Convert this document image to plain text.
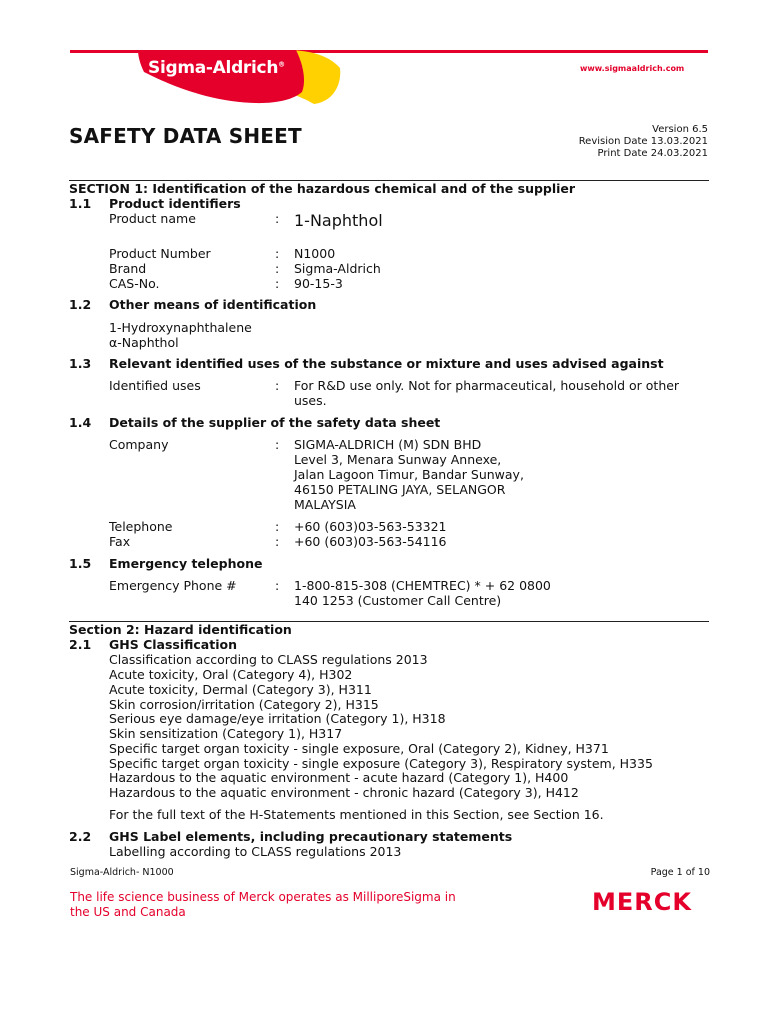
Sigma-Aldrich®	www.sigmaaldrich.com
SAFETY DATA SHEET	Version 6.5
Revision Date 13.03.2021
Print Date 24.03.2021
SECTION 1: Identification of the hazardous chemical and of the supplier
1.1 Product identifiers
Product name	: 1-Naphthol
Product Number	: N1000
Brand	: Sigma-Aldrich
CAS-No.	: 90-15-3
1.2 Other means of identification
1-Hydroxynaphthalene
α-Naphthol
1.3 Relevant identified uses of the substance or mixture and uses advised against
Identified uses	: For R&D use only. Not for pharmaceutical, household or other
uses.
1.4 Details of the supplier of the safety data sheet
Company	: SIGMA-ALDRICH (M) SDN BHD
Level 3, Menara Sunway Annexe,
Jalan Lagoon Timur, Bandar Sunway,
46150 PETALING JAYA, SELANGOR
MALAYSIA
Telephone	: +60 (603)03-563-53321
Fax	: +60 (603)03-563-54116
1.5 Emergency telephone
Emergency Phone #	: 1-800-815-308 (CHEMTREC) * + 62 0800
140 1253 (Customer Call Centre)
Section 2: Hazard identification
2.1 GHS Classification
Classification according to CLASS regulations 2013
Acute toxicity, Oral (Category 4), H302
Acute toxicity, Dermal (Category 3), H311
Skin corrosion/irritation (Category 2), H315
Serious eye damage/eye irritation (Category 1), H318
Skin sensitization (Category 1), H317
Specific target organ toxicity - single exposure, Oral (Category 2), Kidney, H371
Specific target organ toxicity - single exposure (Category 3), Respiratory system, H335
Hazardous to the aquatic environment - acute hazard (Category 1), H400
Hazardous to the aquatic environment - chronic hazard (Category 3), H412
For the full text of the H-Statements mentioned in this Section, see Section 16.
2.2 GHS Label elements, including precautionary statements
Labelling according to CLASS regulations 2013
Sigma-Aldrich- N1000	Page 1 of 10
The life science business of Merck operates as MilliporeSigma in
the US and Canada	MERCK
